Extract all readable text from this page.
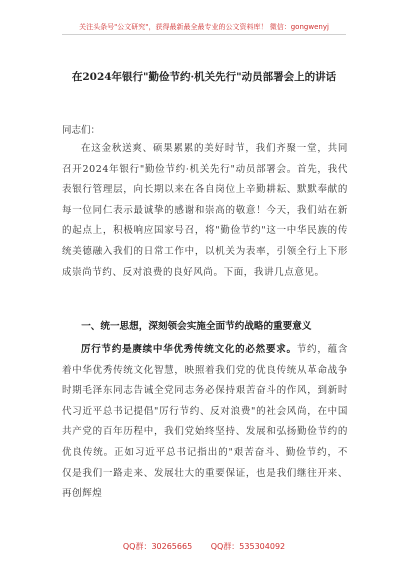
关注头条号"公文研究"，获得最新最全最专业的公文资料库！ 微信：gongwenyj
在2024年银行"勤俭节约·机关先行"动员部署会上的讲话
同志们：
在这金秋送爽、硕果累累的美好时节，我们齐聚一堂，共同召开2024年银行"勤俭节约·机关先行"动员部署会。首先，我代表银行管理层，向长期以来在各自岗位上辛勤耕耘、默默奉献的每一位同仁表示最诚挚的感谢和崇高的敬意！今天，我们站在新的起点上，积极响应国家号召，将"勤俭节约"这一中华民族的传统美德融入我们的日常工作中，以机关为表率，引领全行上下形成崇尚节约、反对浪费的良好风尚。下面，我讲几点意见。
一、统一思想，深刻领会实施全面节约战略的重要意义
厉行节约是赓续中华优秀传统文化的必然要求。节约，蕴含着中华优秀传统文化智慧，映照着我们党的优良传统从革命战争时期毛泽东同志告诫全党同志务必保持艰苦奋斗的作风，到新时代习近平总书记提倡"厉行节约、反对浪费"的社会风尚，在中国共产党的百年历程中，我们党始终坚持、发展和弘扬勤俭节约的优良传统。正如习近平总书记指出的"艰苦奋斗、勤俭节约，不仅是我们一路走来、发展壮大的重要保证，也是我们继往开来、再创辉煌
QQ群：30265665 QQ群：535304092
